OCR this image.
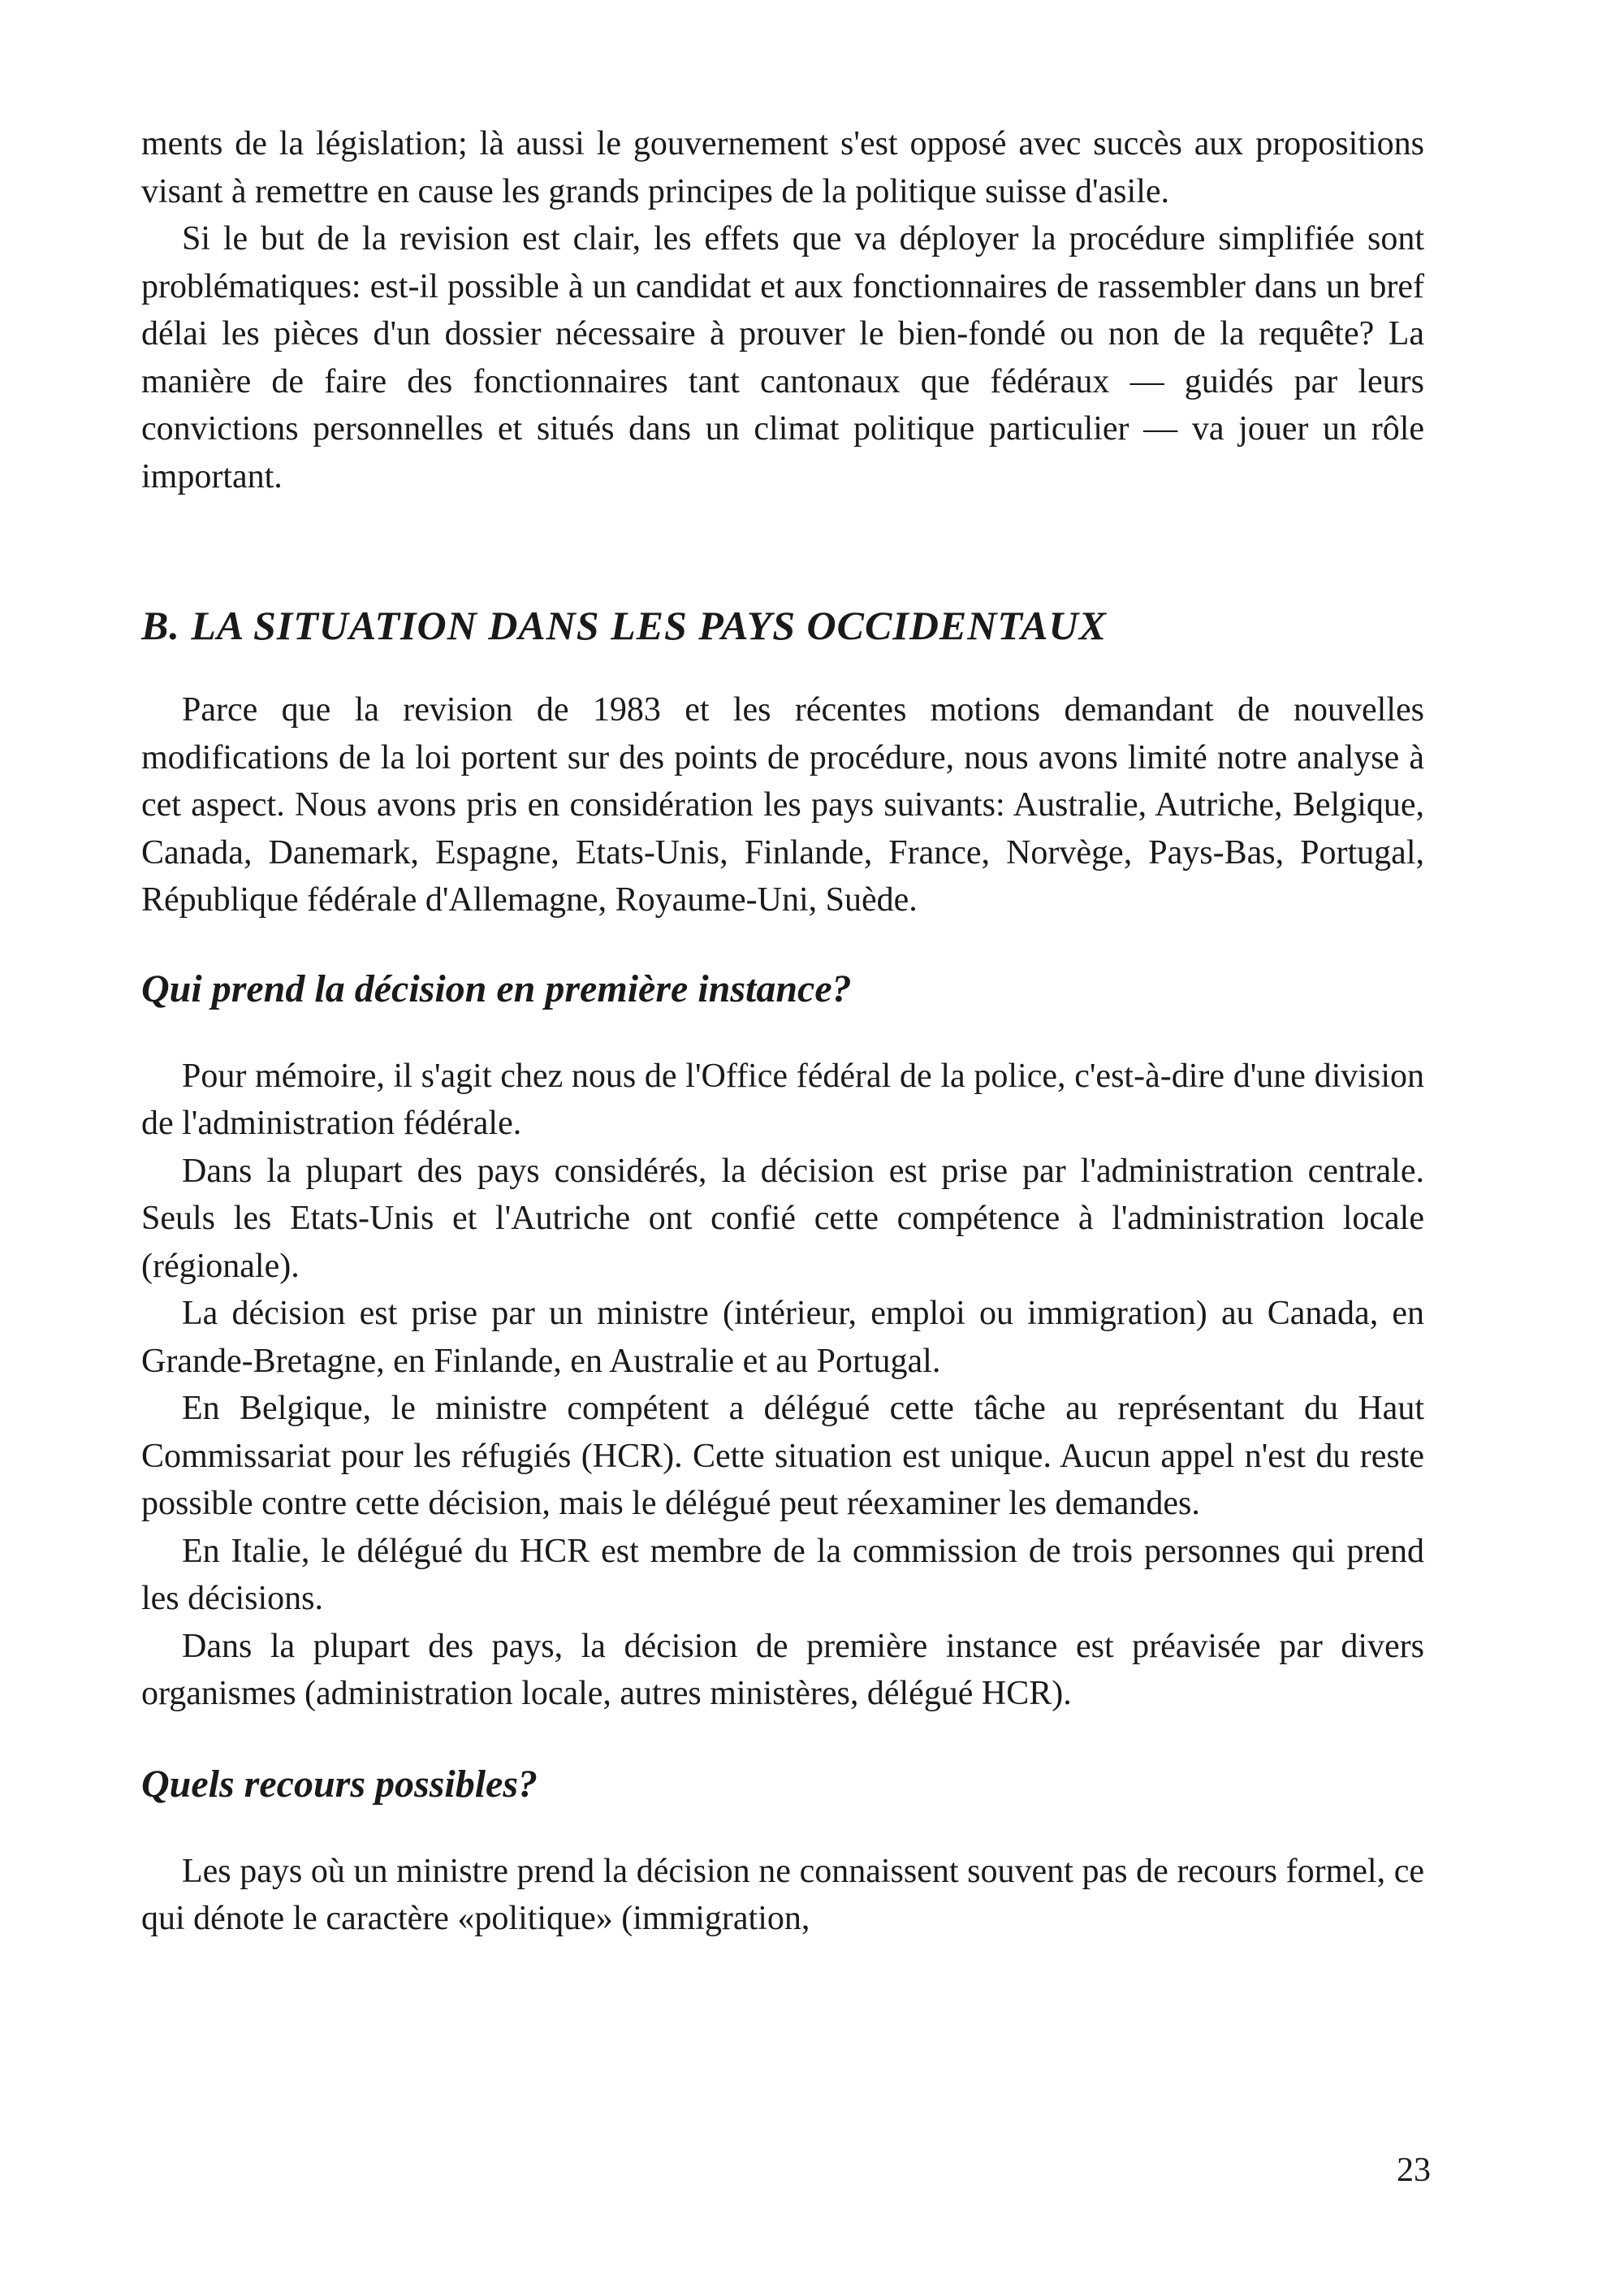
ments de la législation; là aussi le gouvernement s'est opposé avec succès aux propositions visant à remettre en cause les grands principes de la politique suisse d'asile.

Si le but de la revision est clair, les effets que va déployer la procédure simplifiée sont problématiques: est-il possible à un candidat et aux fonctionnaires de rassembler dans un bref délai les pièces d'un dossier nécessaire à prouver le bien-fondé ou non de la requête? La manière de faire des fonctionnaires tant cantonaux que fédéraux — guidés par leurs convictions personnelles et situés dans un climat politique particulier — va jouer un rôle important.

B. LA SITUATION DANS LES PAYS OCCIDENTAUX

Parce que la revision de 1983 et les récentes motions demandant de nouvelles modifications de la loi portent sur des points de procédure, nous avons limité notre analyse à cet aspect. Nous avons pris en considération les pays suivants: Australie, Autriche, Belgique, Canada, Danemark, Espagne, Etats-Unis, Finlande, France, Norvège, Pays-Bas, Portugal, République fédérale d'Allemagne, Royaume-Uni, Suède.

Qui prend la décision en première instance?

Pour mémoire, il s'agit chez nous de l'Office fédéral de la police, c'est-à-dire d'une division de l'administration fédérale.

Dans la plupart des pays considérés, la décision est prise par l'administration centrale. Seuls les Etats-Unis et l'Autriche ont confié cette compétence à l'administration locale (régionale).

La décision est prise par un ministre (intérieur, emploi ou immigration) au Canada, en Grande-Bretagne, en Finlande, en Australie et au Portugal.

En Belgique, le ministre compétent a délégué cette tâche au représentant du Haut Commissariat pour les réfugiés (HCR). Cette situation est unique. Aucun appel n'est du reste possible contre cette décision, mais le délégué peut réexaminer les demandes.

En Italie, le délégué du HCR est membre de la commission de trois personnes qui prend les décisions.

Dans la plupart des pays, la décision de première instance est préavisée par divers organismes (administration locale, autres ministères, délégué HCR).

Quels recours possibles?

Les pays où un ministre prend la décision ne connaissent souvent pas de recours formel, ce qui dénote le caractère «politique» (immigration,

23
